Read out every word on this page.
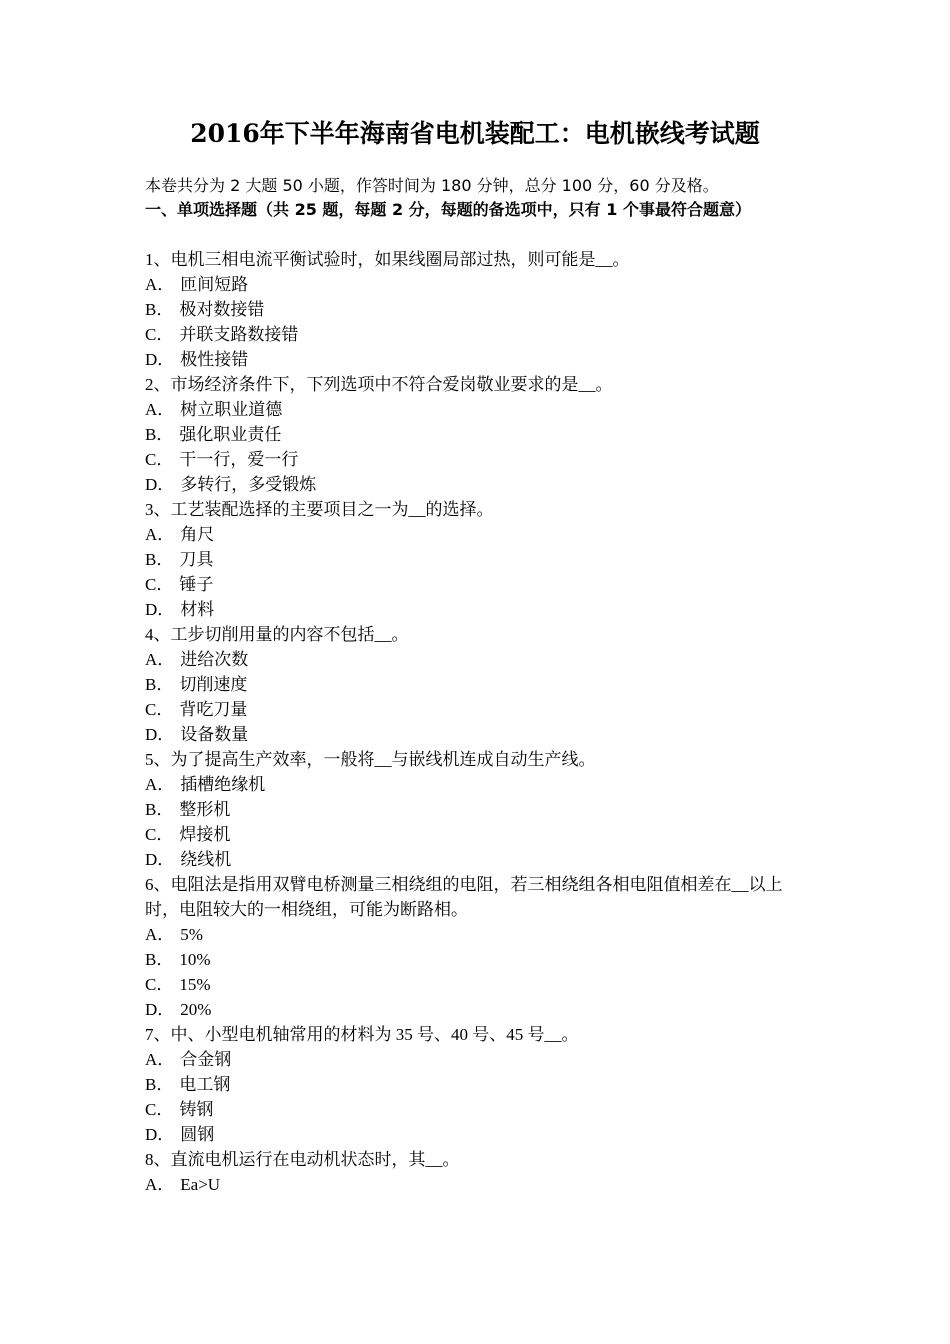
2016年下半年海南省电机装配工：电机嵌线考试题
本卷共分为 2 大题 50 小题，作答时间为 180 分钟，总分 100 分，60 分及格。
一、单项选择题（共 25 题，每题 2 分，每题的备选项中，只有 1 个事最符合题意）
1、电机三相电流平衡试验时，如果线圈局部过热，则可能是__。
A． 匝间短路
B． 极对数接错
C． 并联支路数接错
D． 极性接错
2、市场经济条件下，下列选项中不符合爱岗敬业要求的是__。
A． 树立职业道德
B． 强化职业责任
C． 干一行，爱一行
D． 多转行，多受锻炼
3、工艺装配选择的主要项目之一为__的选择。
A． 角尺
B． 刀具
C． 锤子
D． 材料
4、工步切削用量的内容不包括__。
A． 进给次数
B． 切削速度
C． 背吃刀量
D． 设备数量
5、为了提高生产效率，一般将__与嵌线机连成自动生产线。
A． 插槽绝缘机
B． 整形机
C． 焊接机
D． 绕线机
6、电阻法是指用双臂电桥测量三相绕组的电阻，若三相绕组各相电阻值相差在__以上时，电阻较大的一相绕组，可能为断路相。
A． 5%
B． 10%
C． 15%
D． 20%
7、中、小型电机轴常用的材料为 35 号、40 号、45 号__。
A． 合金钢
B． 电工钢
C． 铸钢
D． 圆钢
8、直流电机运行在电动机状态时，其__。
A． Ea>U
